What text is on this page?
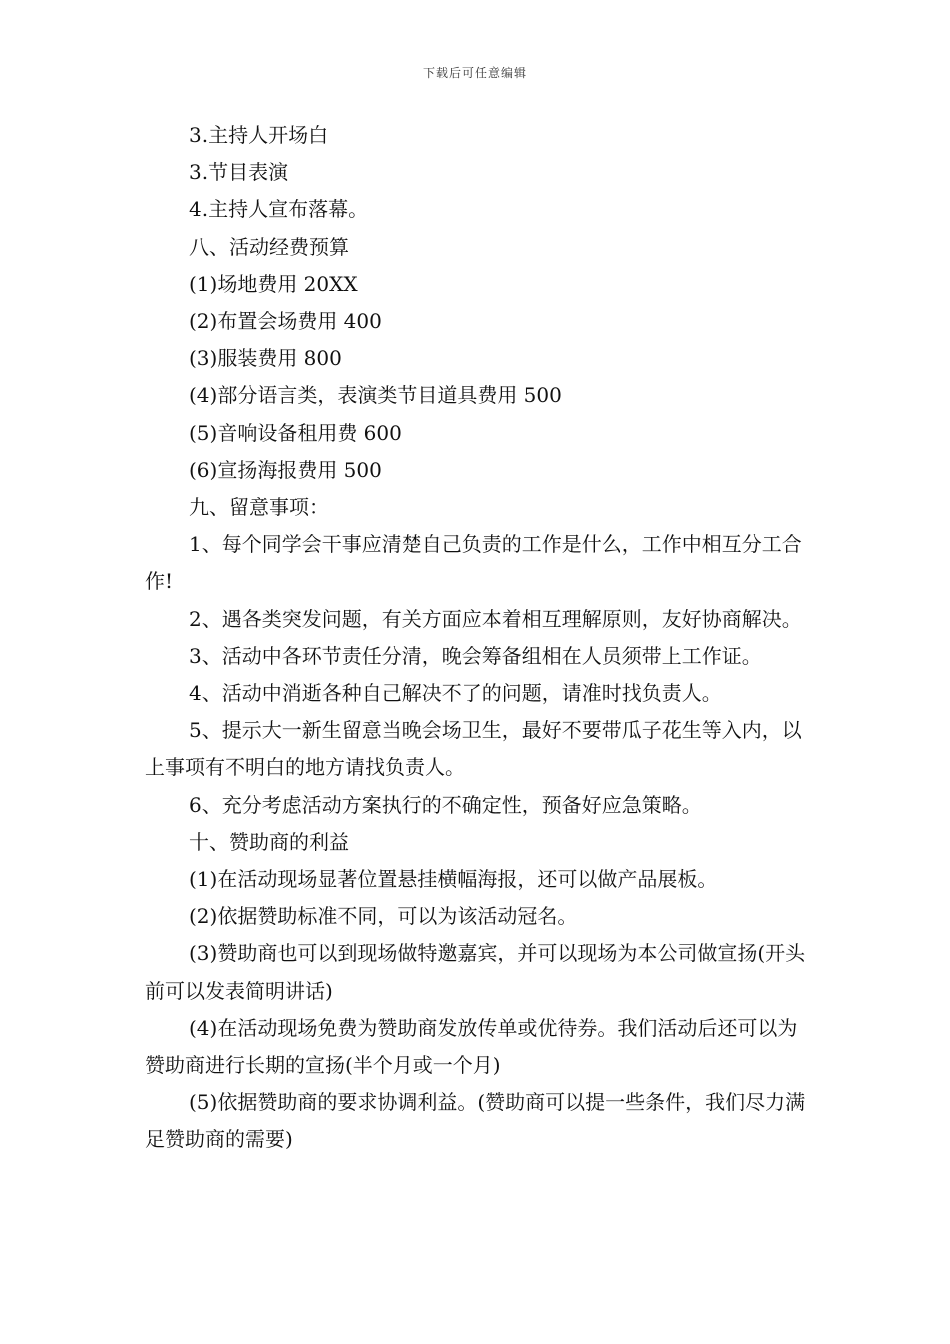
下载后可任意编辑

3.主持人开场白

3.节目表演

4.主持人宣布落幕。

八、活动经费预算

(1)场地费用 20XX

(2)布置会场费用 400

(3)服装费用 800

(4)部分语言类，表演类节目道具费用 500

(5)音响设备租用费 600

(6)宣扬海报费用 500

九、留意事项：

1、每个同学会干事应清楚自己负责的工作是什么，工作中相互分工合作!

2、遇各类突发问题，有关方面应本着相互理解原则，友好协商解决。

3、活动中各环节责任分清，晚会筹备组相在人员须带上工作证。

4、活动中消逝各种自己解决不了的问题，请准时找负责人。

5、提示大一新生留意当晚会场卫生，最好不要带瓜子花生等入内，以上事项有不明白的地方请找负责人。

6、充分考虑活动方案执行的不确定性，预备好应急策略。

十、赞助商的利益

(1)在活动现场显著位置悬挂横幅海报，还可以做产品展板。

(2)依据赞助标准不同，可以为该活动冠名。

(3)赞助商也可以到现场做特邀嘉宾，并可以现场为本公司做宣扬(开头前可以发表简明讲话)

(4)在活动现场免费为赞助商发放传单或优待券。我们活动后还可以为赞助商进行长期的宣扬(半个月或一个月)

(5)依据赞助商的要求协调利益。(赞助商可以提一些条件，我们尽力满足赞助商的需要)
